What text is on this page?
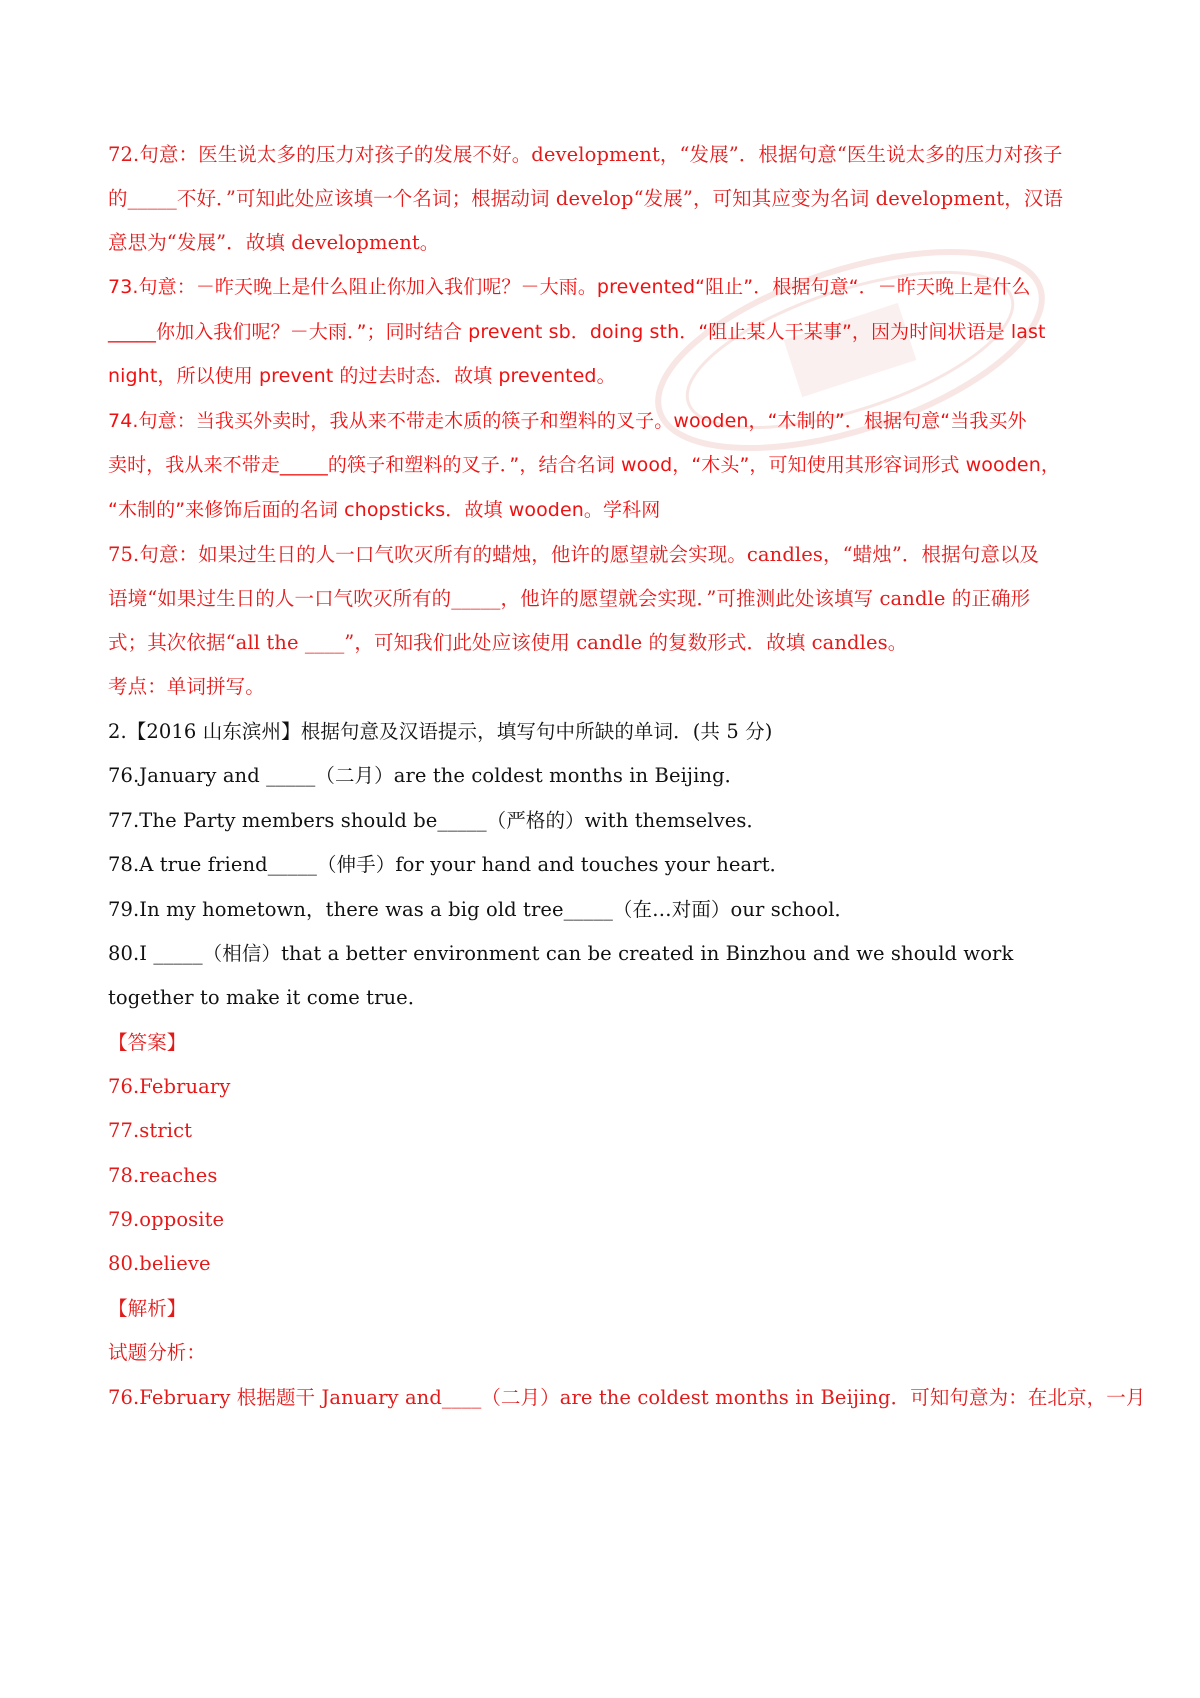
72.句意：医生说太多的压力对孩子的发展不好。development，“发展”．根据句意“医生说太多的压力对孩子
的_____不好．”可知此处应该填一个名词；根据动词 develop“发展”，可知其应变为名词 development，汉语
意思为“发展”．故填 development。
73.句意：－昨天晚上是什么阻止你加入我们呢？－大雨。prevented“阻止”．根据句意“．－昨天晚上是什么
_____你加入我们呢？－大雨．”；同时结合 prevent sb．doing sth．“阻止某人干某事”，因为时间状语是 last
night，所以使用 prevent 的过去时态．故填 prevented。
74.句意：当我买外卖时，我从来不带走木质的筷子和塑料的叉子。wooden，“木制的”．根据句意“当我买外
卖时，我从来不带走_____的筷子和塑料的叉子．”，结合名词 wood，“木头”，可知使用其形容词形式 wooden，
“木制的”来修饰后面的名词 chopsticks．故填 wooden。学科网
75.句意：如果过生日的人一口气吹灭所有的蜡烛，他许的愿望就会实现。candles，“蜡烛”．根据句意以及
语境“如果过生日的人一口气吹灭所有的_____，他许的愿望就会实现．”可推测此处该填写 candle 的正确形
式；其次依据“all the ____”，可知我们此处应该使用 candle 的复数形式．故填 candles。
考点：单词拼写。
2.【2016 山东滨州】根据句意及汉语提示，填写句中所缺的单词．(共 5 分)
76.January and _____（二月）are the coldest months in Beijing．
77.The Party members should be_____（严格的）with themselves．
78.A true friend_____（伸手）for your hand and touches your heart．
79.In my hometown，there was a big old tree_____（在…对面）our school．
80.I _____（相信）that a better environment can be created in Binzhou and we should work
together to make it come true．
【答案】
76.February
77.strict
78.reaches
79.opposite
80.believe
【解析】
试题分析：
76.February 根据题干 January and____（二月）are the coldest months in Beijing．可知句意为：在北京，一月
